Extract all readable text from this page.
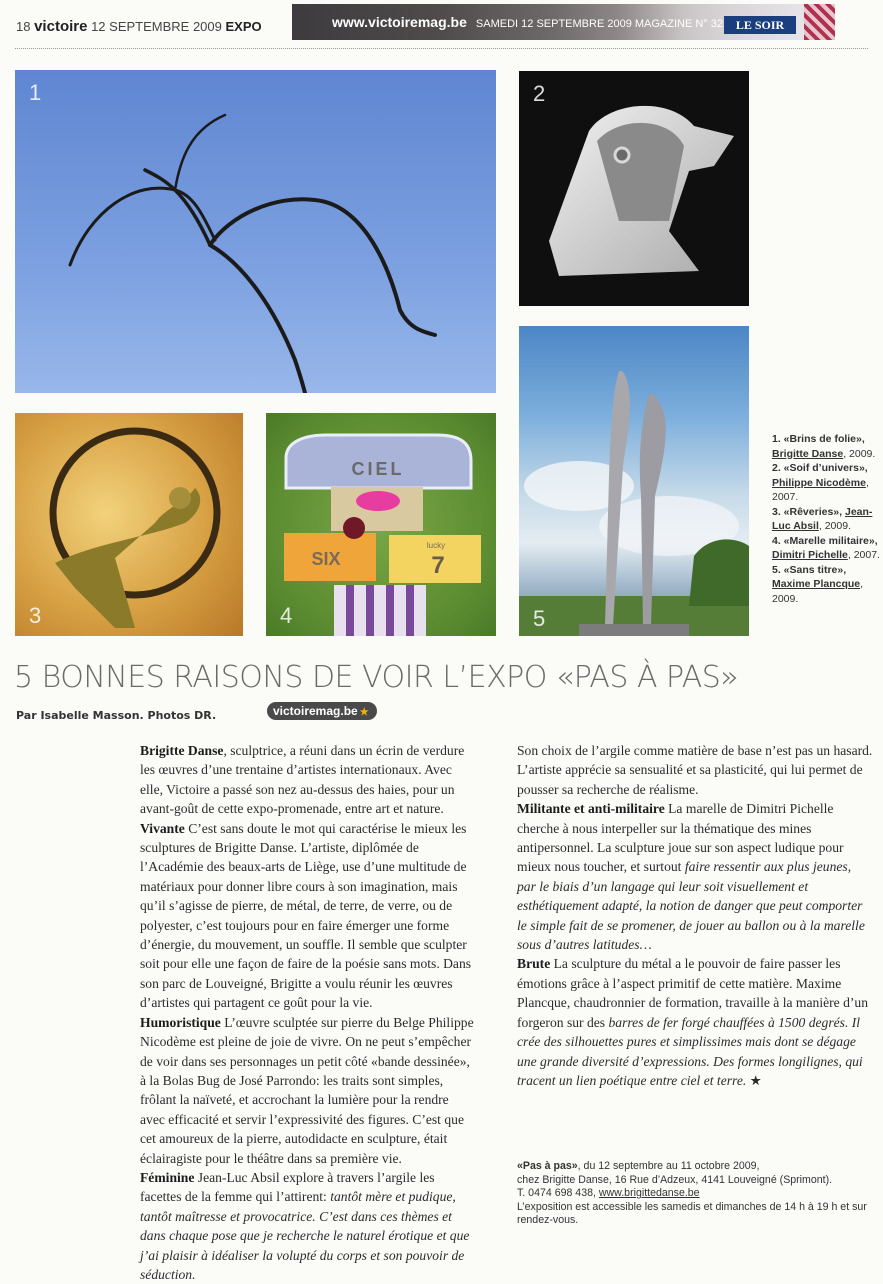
18 victoire 12 SEPTEMBRE 2009 EXPO	www.victoiremag.be SAMEDI 12 SEPTEMBRE 2009 MAGAZINE N° 32	LE SOIR
1	2
3
CIEL
SIX
lucky
7
4	5

1. «Brins de folie», Brigitte Danse, 2009.

2. «Soif d’univers», Philippe Nicodème, 2007.

3. «Rêveries», Jean-Luc Absil, 2009.

4. «Marelle militaire», Dimitri Pichelle, 2007.

5. «Sans titre», Maxime Plancque, 2009.

5 BONNES RAISONS DE VOIR L’EXPO «PAS À PAS»
Par Isabelle Masson. Photos DR.	victoiremag.be ★

Brigitte Danse, sculptrice, a réuni dans un écrin de verdure les œuvres d’une trentaine d’artistes internationaux. Avec elle, Victoire a passé son nez au-dessus des haies, pour un avant-goût de cette expo-promenade, entre art et nature.

Vivante C’est sans doute le mot qui caractérise le mieux les sculptures de Brigitte Danse. L’artiste, diplômée de l’Académie des beaux-arts de Liège, use d’une multitude de matériaux pour donner libre cours à son imagination, mais qu’il s’agisse de pierre, de métal, de terre, de verre, ou de polyester, c’est toujours pour en faire émerger une forme d’énergie, du mouvement, un souffle. Il semble que sculpter soit pour elle une façon de faire de la poésie sans mots. Dans son parc de Louveigné, Brigitte a voulu réunir les œuvres d’artistes qui partagent ce goût pour la vie.

Humoristique L’œuvre sculptée sur pierre du Belge Philippe Nicodème est pleine de joie de vivre. On ne peut s’empêcher de voir dans ses personnages un petit côté «bande dessinée», à la Bolas Bug de José Parrondo: les traits sont simples, frôlant la naïveté, et accrochant la lumière pour la rendre avec efficacité et servir l’expressivité des figures. C’est que cet amoureux de la pierre, autodidacte en sculpture, était éclairagiste pour le théâtre dans sa première vie.

Féminine Jean-Luc Absil explore à travers l’argile les facettes de la femme qui l’attirent: tantôt mère et pudique, tantôt maîtresse et provocatrice. C’est dans ces thèmes et dans chaque pose que je recherche le naturel érotique et que j’ai plaisir à idéaliser la volupté du corps et son pouvoir de séduction.

Son choix de l’argile comme matière de base n’est pas un hasard. L’artiste apprécie sa sensualité et sa plasticité, qui lui permet de pousser sa recherche de réalisme.

Militante et anti-militaire La marelle de Dimitri Pichelle cherche à nous interpeller sur la thématique des mines antipersonnel. La sculpture joue sur son aspect ludique pour mieux nous toucher, et surtout faire ressentir aux plus jeunes, par le biais d’un langage qui leur soit visuellement et esthétiquement adapté, la notion de danger que peut comporter le simple fait de se promener, de jouer au ballon ou à la marelle sous d’autres latitudes…

Brute La sculpture du métal a le pouvoir de faire passer les émotions grâce à l’aspect primitif de cette matière. Maxime Plancque, chaudronnier de formation, travaille à la manière d’un forgeron sur des barres de fer forgé chauffées à 1500 degrés. Il crée des silhouettes pures et simplissimes mais dont se dégage une grande diversité d’expressions. Des formes longilignes, qui tracent un lien poétique entre ciel et terre. ★

«Pas à pas», du 12 septembre au 11 octobre 2009,

chez Brigitte Danse, 16 Rue d’Adzeux, 4141 Louveigné (Sprimont).

T. 0474 698 438, www.brigittedanse.be

L’exposition est accessible les samedis et dimanches de 14 h à 19 h et sur rendez-vous.
